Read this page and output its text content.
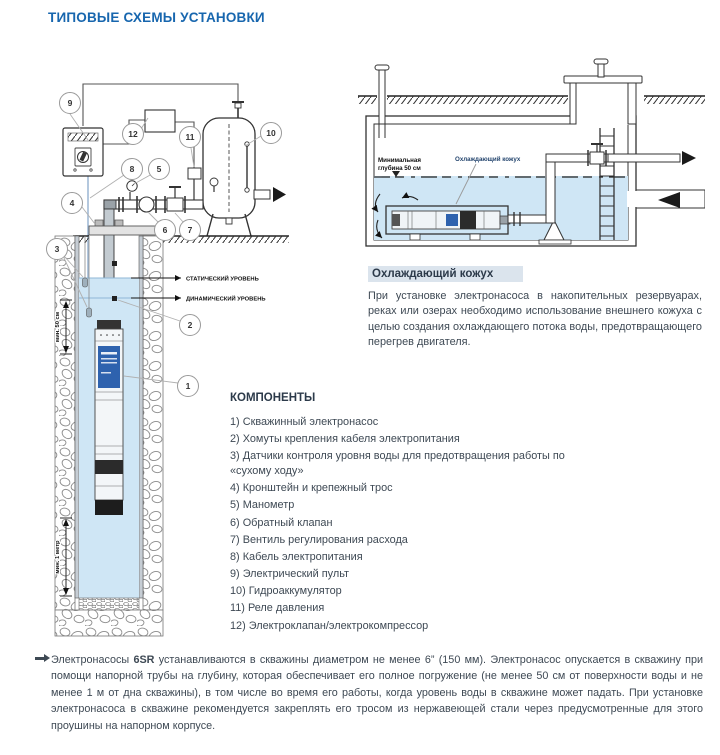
ТИПОВЫЕ СХЕМЫ УСТАНОВКИ
СТАТИЧЕСКИЙ УРОВЕНЬ
ДИНАМИЧЕСКИЙ УРОВЕНЬ
мин. 50 см
мин. 1 метр
1
2
3
4
5
6 7
8
9
10
11
12
Минимальная
глубина 50 см
Охлаждающий кожух
Охлаждающий кожух

При установке электронасоса в накопительных резервуарах, реках или озерах необходимо использование внешнего кожуха с целью создания охлаждающего потока воды, предотвращающего перегрев двигателя.

КОМПОНЕНТЫ
1) Скважинный электронасос
2) Хомуты крепления кабеля электропитания
3) Датчики контроля уровня воды для предотвращения работы по «сухому ходу»
4) Кронштейн и крепежный трос
5) Манометр
6) Обратный клапан
7) Вентиль регулирования расхода
8) Кабель электропитания
9) Электрический пульт
10) Гидроаккумулятор
11) Реле давления
12) Электроклапан/электрокомпрессор

Электронасосы 6SR устанавливаются в скважины диаметром не менее 6” (150 мм). Электронасос опускается в скважину при помощи напорной трубы на глубину, которая обеспечивает его полное погружение (не менее 50 см от поверхности воды и не менее 1 м от дна скважины), в том числе во время его работы, когда уровень воды в скважине может падать. При установке электронасоса в скважине рекомендуется закреплять его тросом из нержавеющей стали через предусмотренные для этого проушины на напорном корпусе.
